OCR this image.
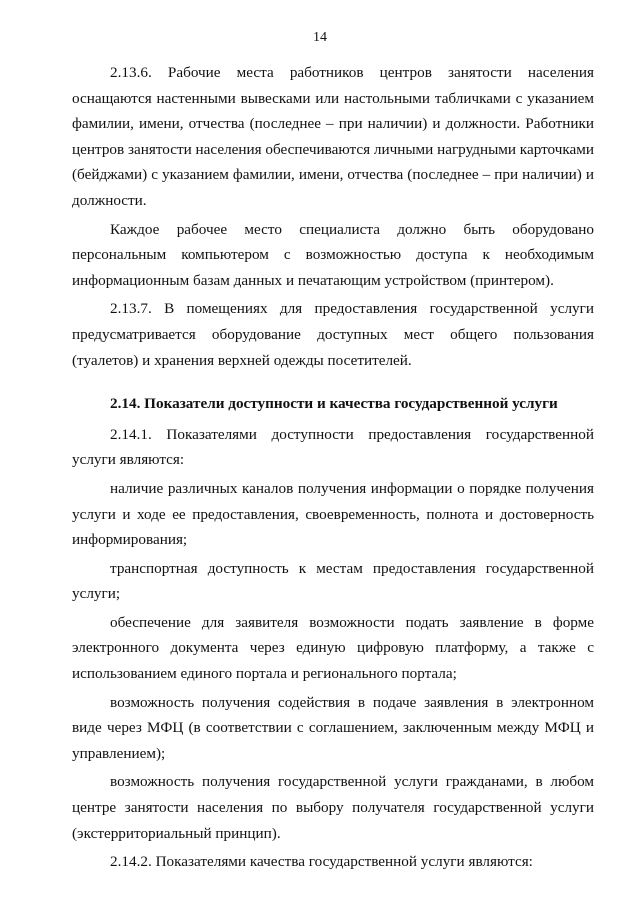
14

2.13.6. Рабочие места работников центров занятости населения оснащаются настенными вывесками или настольными табличками с указанием фамилии, имени, отчества (последнее – при наличии) и должности. Работники центров занятости населения обеспечиваются личными нагрудными карточками (бейджами) с указанием фамилии, имени, отчества (последнее – при наличии) и должности.

Каждое рабочее место специалиста должно быть оборудовано персональным компьютером с возможностью доступа к необходимым информационным базам данных и печатающим устройством (принтером).

2.13.7. В помещениях для предоставления государственной услуги предусматривается оборудование доступных мест общего пользования (туалетов) и хранения верхней одежды посетителей.

2.14. Показатели доступности и качества государственной услуги

2.14.1. Показателями доступности предоставления государственной услуги являются:

наличие различных каналов получения информации о порядке получения услуги и ходе ее предоставления, своевременность, полнота и достоверность информирования;

транспортная доступность к местам предоставления государственной услуги;

обеспечение для заявителя возможности подать заявление в форме электронного документа через единую цифровую платформу, а также с использованием единого портала и регионального портала;

возможность получения содействия в подаче заявления в электронном виде через МФЦ (в соответствии с соглашением, заключенным между МФЦ и управлением);

возможность получения государственной услуги гражданами, в любом центре занятости населения по выбору получателя государственной услуги (экстерриториальный принцип).

2.14.2. Показателями качества государственной услуги являются:
